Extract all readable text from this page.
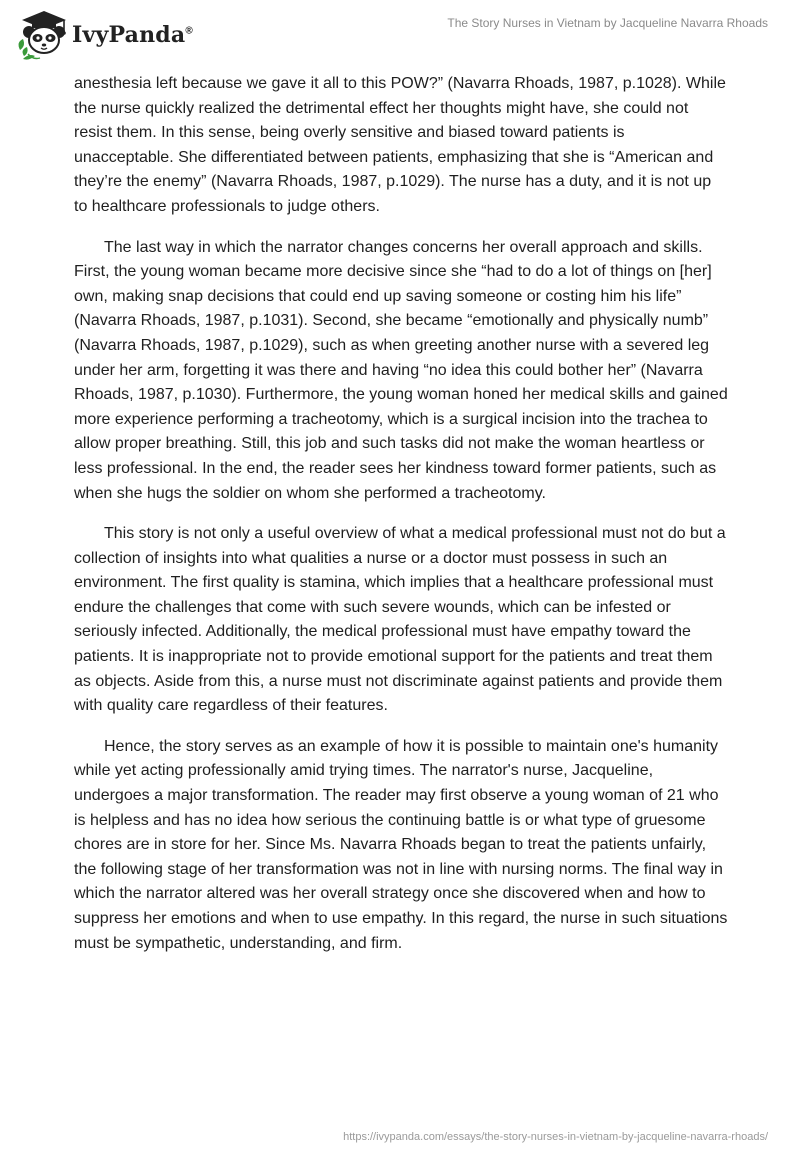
IvyPanda®
The Story Nurses in Vietnam by Jacqueline Navarra Rhoads

anesthesia left because we gave it all to this POW?” (Navarra Rhoads, 1987, p.1028). While the nurse quickly realized the detrimental effect her thoughts might have, she could not resist them. In this sense, being overly sensitive and biased toward patients is unacceptable. She differentiated between patients, emphasizing that she is “American and they’re the enemy” (Navarra Rhoads, 1987, p.1029). The nurse has a duty, and it is not up to healthcare professionals to judge others.

The last way in which the narrator changes concerns her overall approach and skills. First, the young woman became more decisive since she “had to do a lot of things on [her] own, making snap decisions that could end up saving someone or costing him his life” (Navarra Rhoads, 1987, p.1031). Second, she became “emotionally and physically numb” (Navarra Rhoads, 1987, p.1029), such as when greeting another nurse with a severed leg under her arm, forgetting it was there and having “no idea this could bother her” (Navarra Rhoads, 1987, p.1030). Furthermore, the young woman honed her medical skills and gained more experience performing a tracheotomy, which is a surgical incision into the trachea to allow proper breathing. Still, this job and such tasks did not make the woman heartless or less professional. In the end, the reader sees her kindness toward former patients, such as when she hugs the soldier on whom she performed a tracheotomy.

This story is not only a useful overview of what a medical professional must not do but a collection of insights into what qualities a nurse or a doctor must possess in such an environment. The first quality is stamina, which implies that a healthcare professional must endure the challenges that come with such severe wounds, which can be infested or seriously infected. Additionally, the medical professional must have empathy toward the patients. It is inappropriate not to provide emotional support for the patients and treat them as objects. Aside from this, a nurse must not discriminate against patients and provide them with quality care regardless of their features.

Hence, the story serves as an example of how it is possible to maintain one's humanity while yet acting professionally amid trying times. The narrator's nurse, Jacqueline, undergoes a major transformation. The reader may first observe a young woman of 21 who is helpless and has no idea how serious the continuing battle is or what type of gruesome chores are in store for her. Since Ms. Navarra Rhoads began to treat the patients unfairly, the following stage of her transformation was not in line with nursing norms. The final way in which the narrator altered was her overall strategy once she discovered when and how to suppress her emotions and when to use empathy. In this regard, the nurse in such situations must be sympathetic, understanding, and firm.

https://ivypanda.com/essays/the-story-nurses-in-vietnam-by-jacqueline-navarra-rhoads/
